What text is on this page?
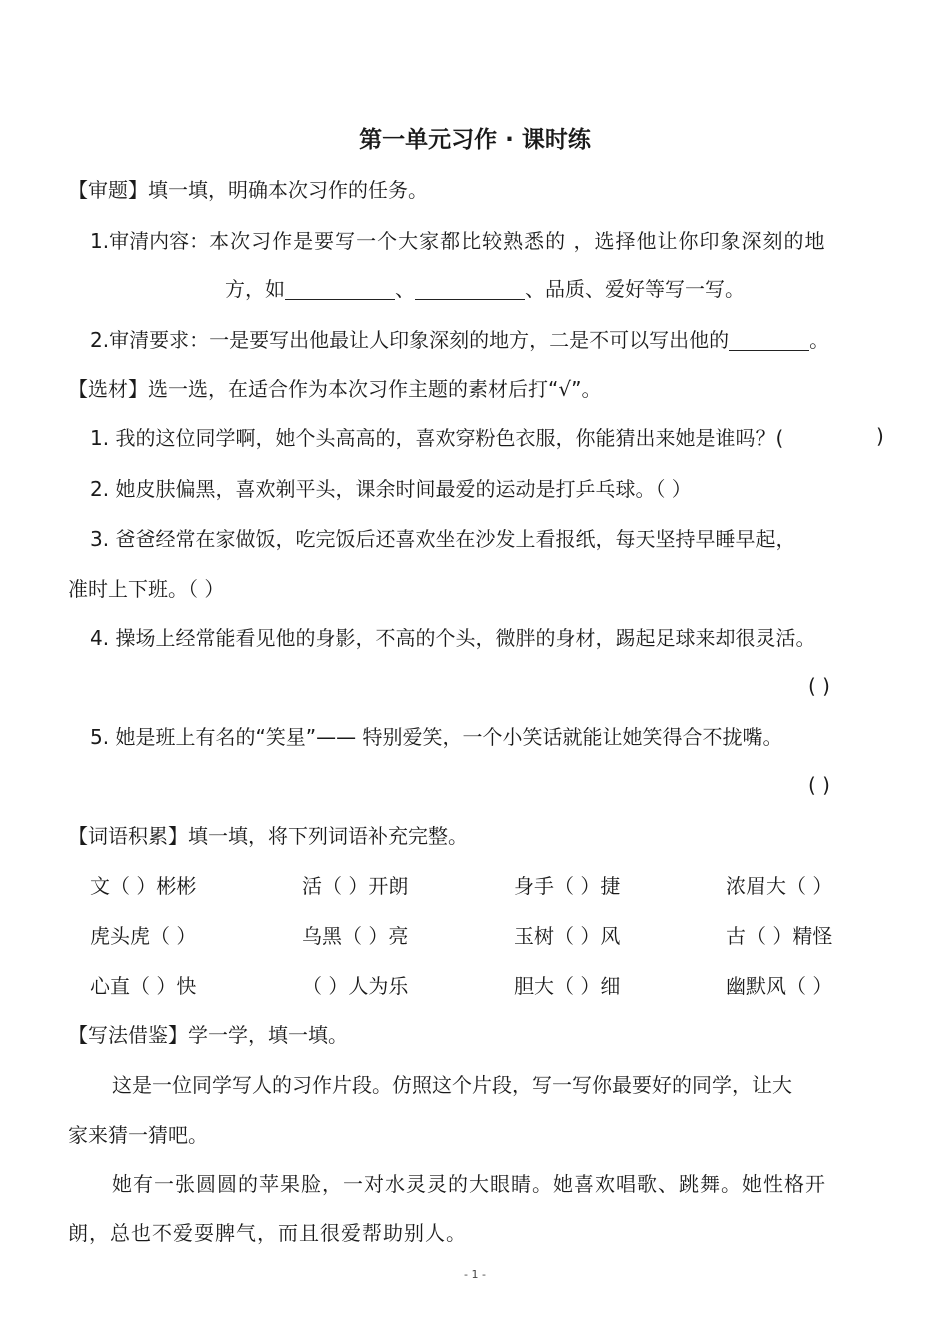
第一单元习作 · 课时练
【审题】填一填，明确本次习作的任务。
1.审清内容：本次习作是要写一个大家都比较熟悉的 ，选择他让你印象深刻的地
方，如	、	、品质、爱好等写一写。
2.审清要求：一是要写出他最让人印象深刻的地方，二是不可以写出他的	。
【选材】选一选，在适合作为本次习作主题的素材后打“√”。
1. 我的这位同学啊，她个头高高的，喜欢穿粉色衣服，你能猜出来她是谁吗？(	)
2. 她皮肤偏黑，喜欢剃平头，课余时间最爱的运动是打乒乓球。（ ）
3. 爸爸经常在家做饭，吃完饭后还喜欢坐在沙发上看报纸，每天坚持早睡早起，
准时上下班。（ ）
4. 操场上经常能看见他的身影，不高的个头，微胖的身材，踢起足球来却很灵活。
( )
5. 她是班上有名的“笑星”—— 特别爱笑，一个小笑话就能让她笑得合不拢嘴。
( )
【词语积累】填一填，将下列词语补充完整。
文（ ）彬彬	活（ ）开朗	身手（ ）捷	浓眉大（ ）
虎头虎（ ）	乌黑（ ）亮	玉树（ ）风	古（ ）精怪
心直（ ）快	（ ）人为乐	胆大（ ）细	幽默风（ ）
【写法借鉴】学一学，填一填。
这是一位同学写人的习作片段。仿照这个片段，写一写你最要好的同学，让大
家来猜一猜吧。
她有一张圆圆的苹果脸，一对水灵灵的大眼睛。她喜欢唱歌、跳舞。她性格开
朗，总也不爱耍脾气，而且很爱帮助别人。
- 1 -
